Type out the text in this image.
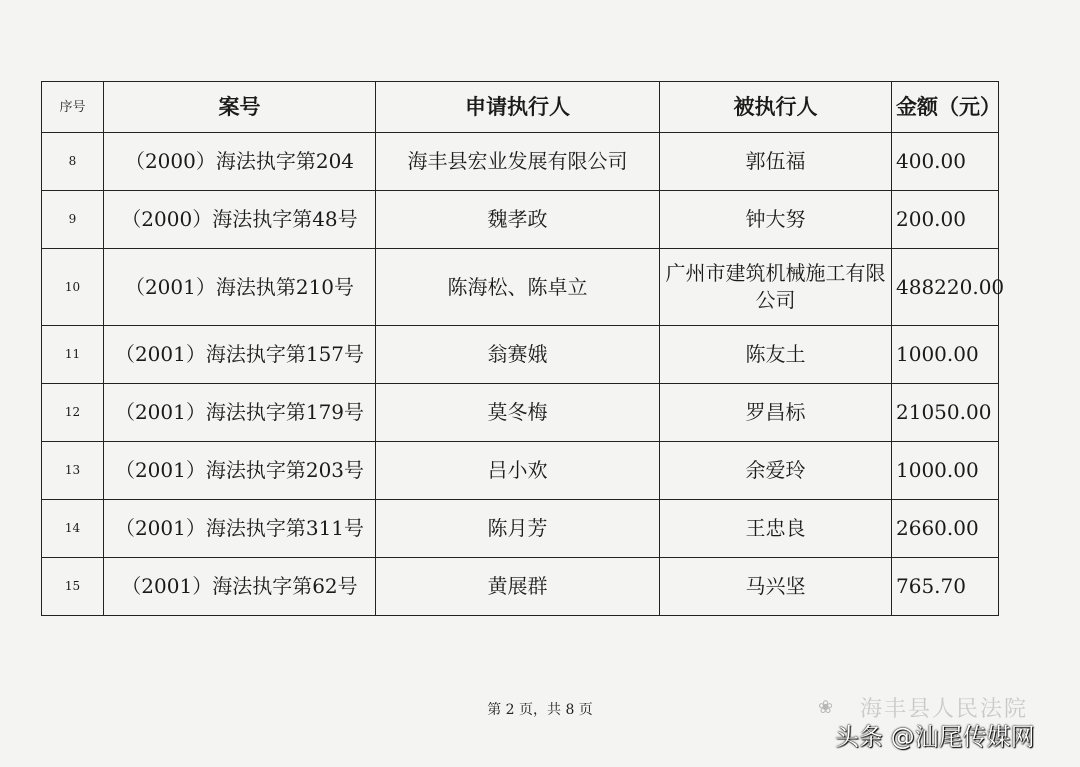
序号	案号	申请执行人	被执行人	金额（元）
8	（2000）海法执字第204	海丰县宏业发展有限公司	郭伍福	400.00
9	（2000）海法执字第48号	魏孝政	钟大努	200.00
10	（2001）海法执第210号	陈海松、陈卓立	广州市建筑机械施工有限公司	488220.00
11	（2001）海法执字第157号	翁赛娥	陈友土	1000.00
12	（2001）海法执字第179号	莫冬梅	罗昌标	21050.00
13	（2001）海法执字第203号	吕小欢	余爱玲	1000.00
14	（2001）海法执字第311号	陈月芳	王忠良	2660.00
15	（2001）海法执字第62号	黄展群	马兴坚	765.70
第 2 页，共 8 页	❀ 海丰县人民法院
头条 @汕尾传媒网
